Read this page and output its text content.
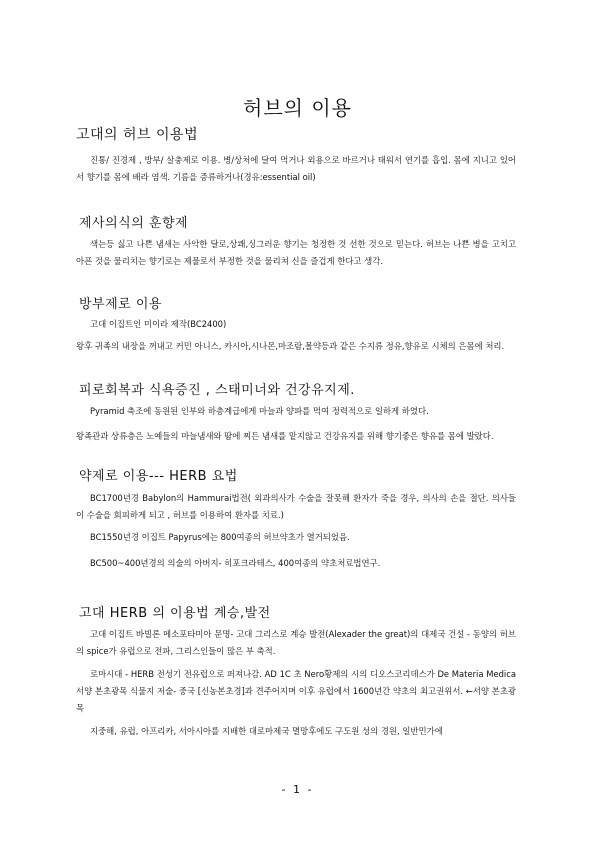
허브의 이용
고대의 허브 이용법
진통/ 진경제 , 방부/ 살충제로 이용. 병/상처에 달여 먹거나 외용으로 바르거나 태워서 연기를 흡입. 몸에 지니고 있어서 향기를 몸에 배라 염색. 기름을 증류하거나(경유:essential oil)
제사의식의 훈향제
색는등 싫고 나쁜 냄새는 사악한 달로,상쾌,싱그러운 향기는 청정한 것 선한 것으로 믿는다. 허브는 나쁜 병을 고치고 아픈 것을 물리치는 향기로는 제물로서 부정한 것을 물리쳐 신을 즐겁게 한다고 생각.
방부제로 이용
고대 이집트인 미이라 제작(BC2400)
왕후 귀족의 내장을 꺼내고 커민 아니스, 카시아,시나몬,마조람,몰약등과 같은 수지류 정유,향유로 시체의 은몸에 처리.
피로회복과 식욕증진 , 스태미너와 건강유지제.
Pyramid 축조에 동원된 인부와 하층계급에게 마늘과 양파를 먹여 정력적으로 일하게 하였다.
왕족관과 상류층은 노예들의 마늘냄새와 땀에 찌든 냄새를 맡지않고 건강유지를 위해 향기좋은 향유를 몸에 발랐다.
약제로 이용--- HERB 요법
BC1700년경 Babylon의 Hammurai법전( 외과의사가 수술을 잘못해 환자가 죽을 경우, 의사의 손을 절단. 의사들이 수술을 회피하게 되고 , 허브를 이용하여 환자를 치료.)
BC1550년경 이집트 Papyrus에는 800여종의 허브약초가 열거되었음.
BC500~400년경의 의술의 아버지- 히포크라테스, 400여종의 약초처료법연구.
고대 HERB 의 이용법 계승,발전
고대 이집트 바빌론 메소포타미아 문명- 고대 그리스로 계승 발전(Alexader the great)의 대제국 건설 - 동양의 허브의 spice가 유럽으로 전파, 그리스인들이 많은 부 축적.
로마시대 - HERB 전성기 전유럽으로 퍼져나감. AD 1C 초 Nero황제의 시의 디오스코리데스가 De Materia Medica 서양 본초광목 식물지 저술- 중국 [신농본초경]과 견주어지며 이후 유럽에서 1600년간 약초의 최고권위서. ←서양 본초광목
지중해, 유럽, 아프리카, 서아시아를 지배한 대로마제국 멸망후에도 구도원 성의 경원, 일반민가에
- 1 -
